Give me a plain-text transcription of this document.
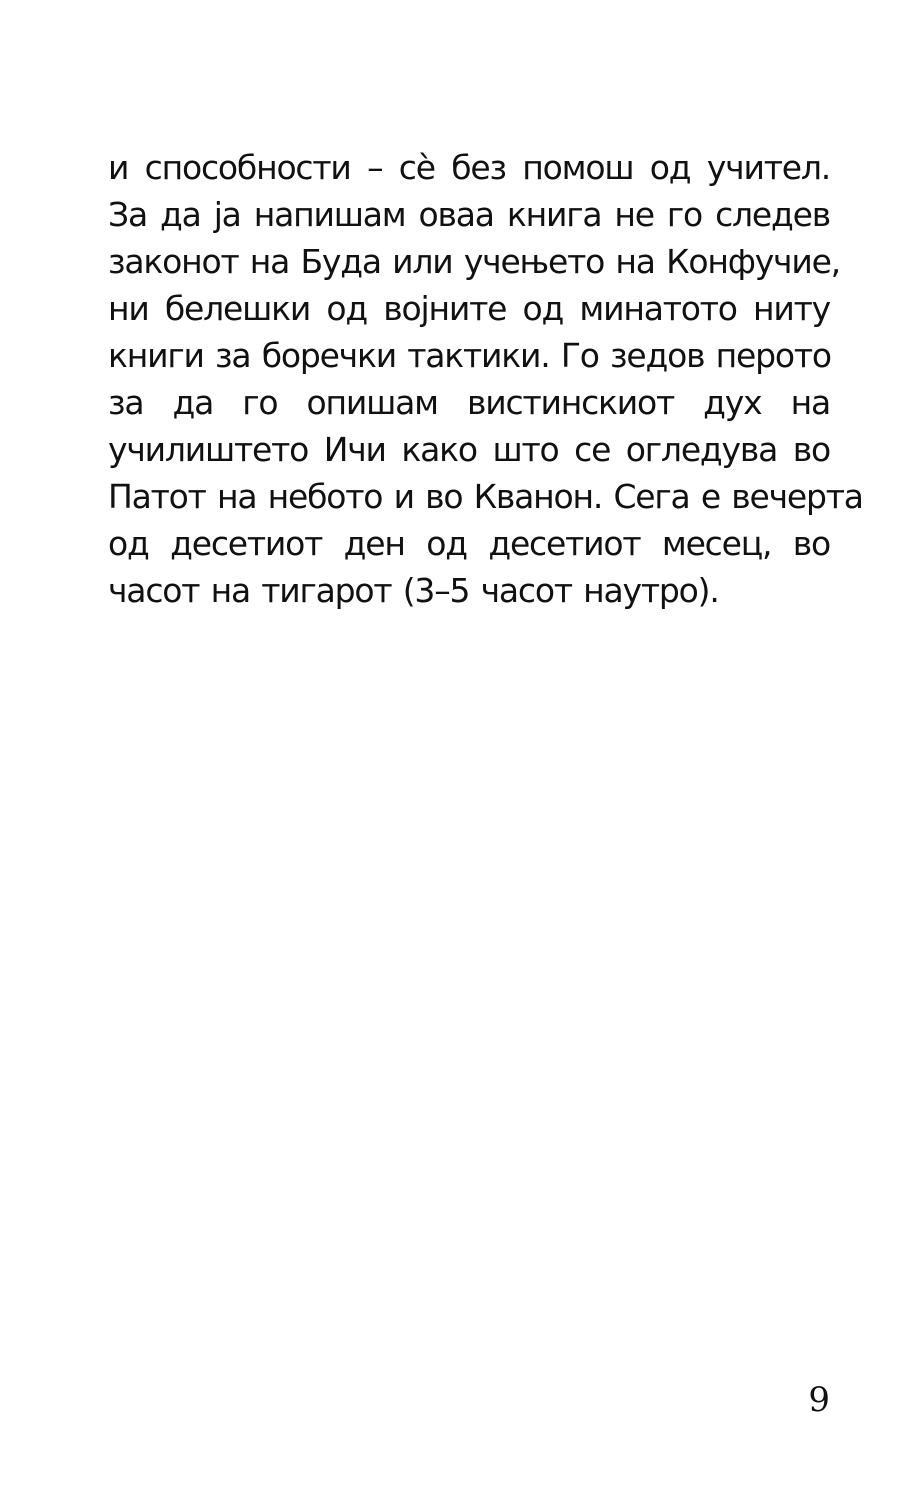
и способности – сѐ без помош од учител.
За да ја напишам оваа книга не го следев
законот на Буда или учењето на Конфучие,
ни белешки од војните од минатото ниту
книги за боречки тактики. Го зедов перото
за да го опишам вистинскиот дух на
училиштето Ичи како што се огледува во
Патот на небото и во Кванон. Сега е вечерта
од десетиот ден од десетиот месец, во
часот на тигарот (3–5 часот наутро).
9
